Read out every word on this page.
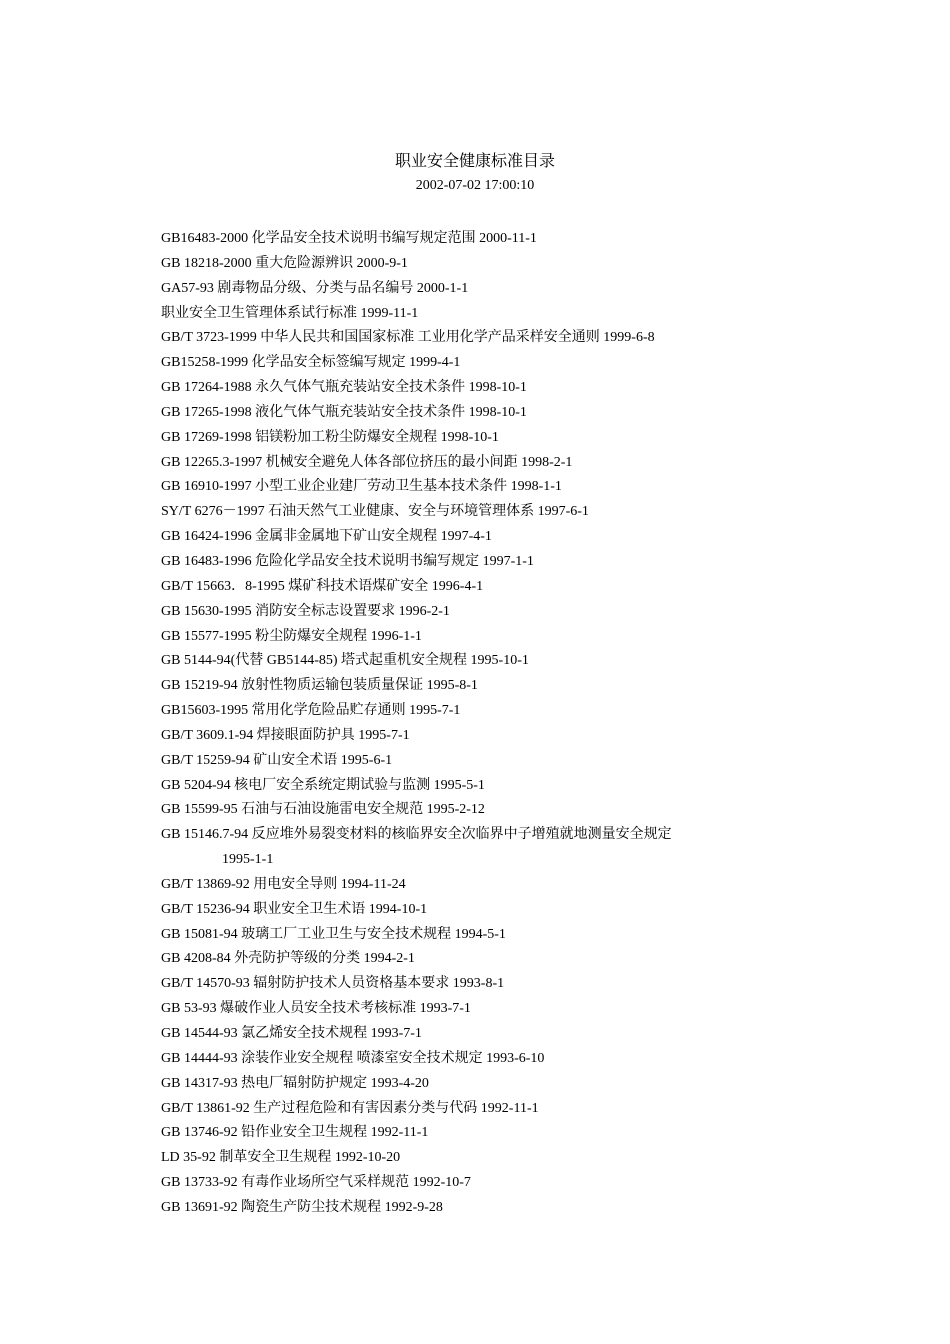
职业安全健康标准目录
2002-07-02 17:00:10
GB16483-2000 化学品安全技术说明书编写规定范围 2000-11-1
GB 18218-2000 重大危险源辨识 2000-9-1
GA57-93 剧毒物品分级、分类与品名编号 2000-1-1
职业安全卫生管理体系试行标准 1999-11-1
GB/T 3723-1999 中华人民共和国国家标准 工业用化学产品采样安全通则 1999-6-8
GB15258-1999 化学品安全标签编写规定 1999-4-1
GB 17264-1988 永久气体气瓶充装站安全技术条件 1998-10-1
GB 17265-1998 液化气体气瓶充装站安全技术条件 1998-10-1
GB 17269-1998 铝镁粉加工粉尘防爆安全规程 1998-10-1
GB 12265.3-1997 机械安全避免人体各部位挤压的最小间距 1998-2-1
GB 16910-1997 小型工业企业建厂劳动卫生基本技术条件 1998-1-1
SY/T 6276－1997 石油天然气工业健康、安全与环境管理体系 1997-6-1
GB 16424-1996 金属非金属地下矿山安全规程 1997-4-1
GB 16483-1996 危险化学品安全技术说明书编写规定 1997-1-1
GB/T 15663．8-1995 煤矿科技术语煤矿安全 1996-4-1
GB 15630-1995 消防安全标志设置要求 1996-2-1
GB 15577-1995 粉尘防爆安全规程 1996-1-1
GB 5144-94(代替 GB5144-85) 塔式起重机安全规程 1995-10-1
GB 15219-94 放射性物质运输包装质量保证 1995-8-1
GB15603-1995 常用化学危险品贮存通则 1995-7-1
GB/T 3609.1-94 焊接眼面防护具 1995-7-1
GB/T 15259-94 矿山安全术语 1995-6-1
GB 5204-94 核电厂安全系统定期试验与监测 1995-5-1
GB 15599-95 石油与石油设施雷电安全规范 1995-2-12
GB 15146.7-94 反应堆外易裂变材料的核临界安全次临界中子增殖就地测量安全规定
1995-1-1
GB/T 13869-92 用电安全导则 1994-11-24
GB/T 15236-94 职业安全卫生术语 1994-10-1
GB 15081-94 玻璃工厂工业卫生与安全技术规程 1994-5-1
GB 4208-84 外壳防护等级的分类 1994-2-1
GB/T 14570-93 辐射防护技术人员资格基本要求 1993-8-1
GB 53-93 爆破作业人员安全技术考核标准 1993-7-1
GB 14544-93 氯乙烯安全技术规程 1993-7-1
GB 14444-93 涂装作业安全规程 喷漆室安全技术规定 1993-6-10
GB 14317-93 热电厂辐射防护规定 1993-4-20
GB/T 13861-92 生产过程危险和有害因素分类与代码 1992-11-1
GB 13746-92 铅作业安全卫生规程 1992-11-1
LD 35-92 制革安全卫生规程 1992-10-20
GB 13733-92 有毒作业场所空气采样规范 1992-10-7
GB 13691-92 陶瓷生产防尘技术规程 1992-9-28
